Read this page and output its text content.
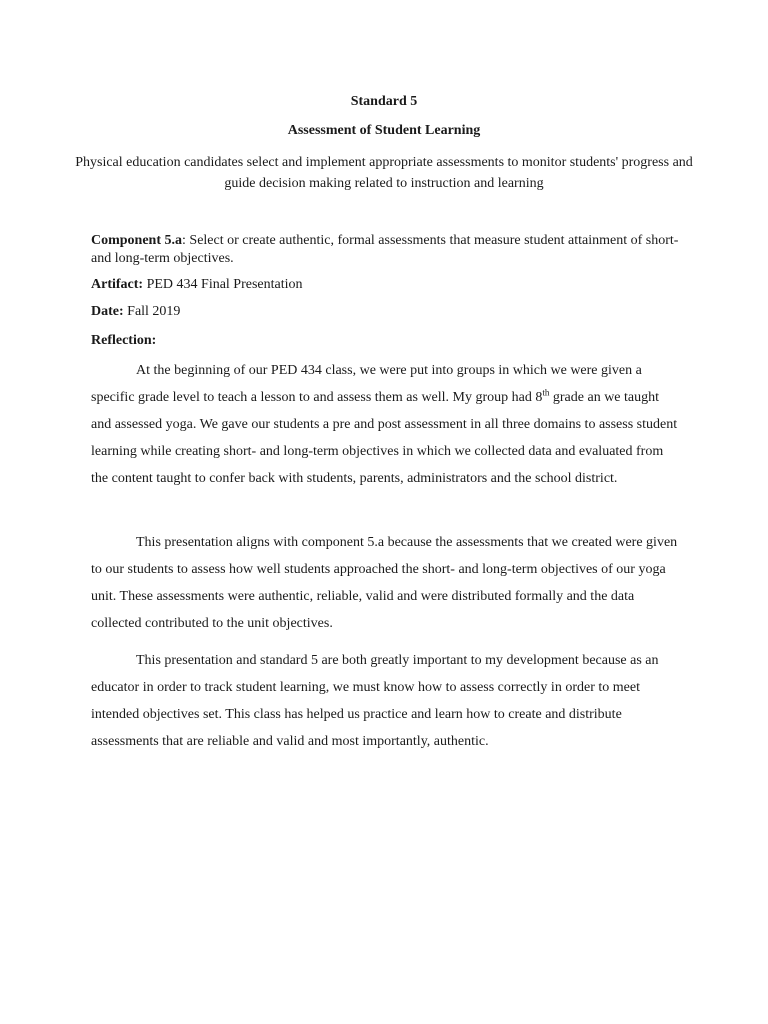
Standard 5
Assessment of Student Learning
Physical education candidates select and implement appropriate assessments to monitor students' progress and guide decision making related to instruction and learning
Component 5.a: Select or create authentic, formal assessments that measure student attainment of short- and long-term objectives.
Artifact: PED 434 Final Presentation
Date: Fall 2019
Reflection:
At the beginning of our PED 434 class, we were put into groups in which we were given a specific grade level to teach a lesson to and assess them as well. My group had 8th grade an we taught and assessed yoga. We gave our students a pre and post assessment in all three domains to assess student learning while creating short- and long-term objectives in which we collected data and evaluated from the content taught to confer back with students, parents, administrators and the school district.
This presentation aligns with component 5.a because the assessments that we created were given to our students to assess how well students approached the short- and long-term objectives of our yoga unit. These assessments were authentic, reliable, valid and were distributed formally and the data collected contributed to the unit objectives.
This presentation and standard 5 are both greatly important to my development because as an educator in order to track student learning, we must know how to assess correctly in order to meet intended objectives set. This class has helped us practice and learn how to create and distribute assessments that are reliable and valid and most importantly, authentic.
